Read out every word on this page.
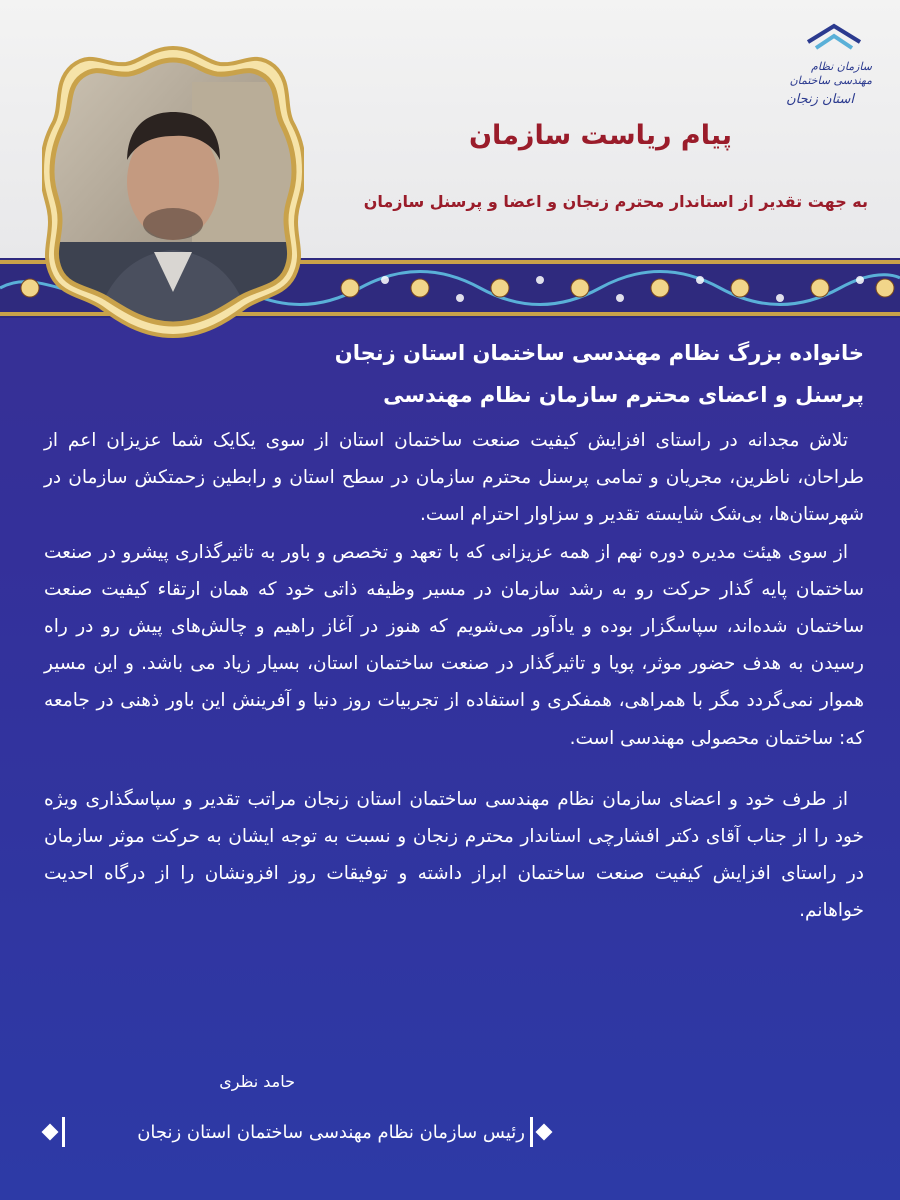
سازمان نظام مهندسی ساختمان
استان زنجان
پیام ریاست سازمان
به جهت تقدیر از استاندار محترم زنجان و اعضا و پرسنل سازمان
خانواده بزرگ نظام مهندسی ساختمان استان زنجان
پرسنل و اعضای محترم سازمان نظام مهندسی

تلاش مجدانه در راستای افزایش کیفیت صنعت ساختمان استان از سوی یکایک شما عزیزان اعم از طراحان، ناظرین، مجریان و تمامی پرسنل محترم سازمان در سطح استان و رابطین زحمتکش سازمان در شهرستان‌ها، بی‌شک شایسته تقدیر و سزاوار احترام است.

از سوی هیئت مدیره دوره نهم از همه عزیزانی که با تعهد و تخصص و باور به تاثیرگذاری پیشرو در صنعت ساختمان پایه گذار حرکت رو به رشد سازمان در مسیر وظیفه ذاتی خود که همان ارتقاء کیفیت صنعت ساختمان شده‌اند، سپاسگزار بوده و یادآور می‌شویم که هنوز در آغاز راهیم و چالش‌های پیش رو در راه رسیدن به هدف حضور موثر، پویا و تاثیرگذار در صنعت ساختمان استان، بسیار زیاد می باشد. و این مسیر هموار نمی‌گردد مگر با همراهی، همفکری و استفاده از تجربیات روز دنیا و آفرینش این باور ذهنی در جامعه که: ساختمان محصولی مهندسی است.

از طرف خود و اعضای سازمان نظام مهندسی ساختمان استان زنجان مراتب تقدیر و سپاسگذاری ویژه خود را از جناب آقای دکتر افشارچی استاندار محترم زنجان و نسبت به توجه ایشان به حرکت موثر سازمان در راستای افزایش کیفیت صنعت ساختمان ابراز داشته و توفیقات روز افزونشان را از درگاه احدیت خواهانم.

حامد نظری
رئیس سازمان نظام مهندسی ساختمان استان زنجان
